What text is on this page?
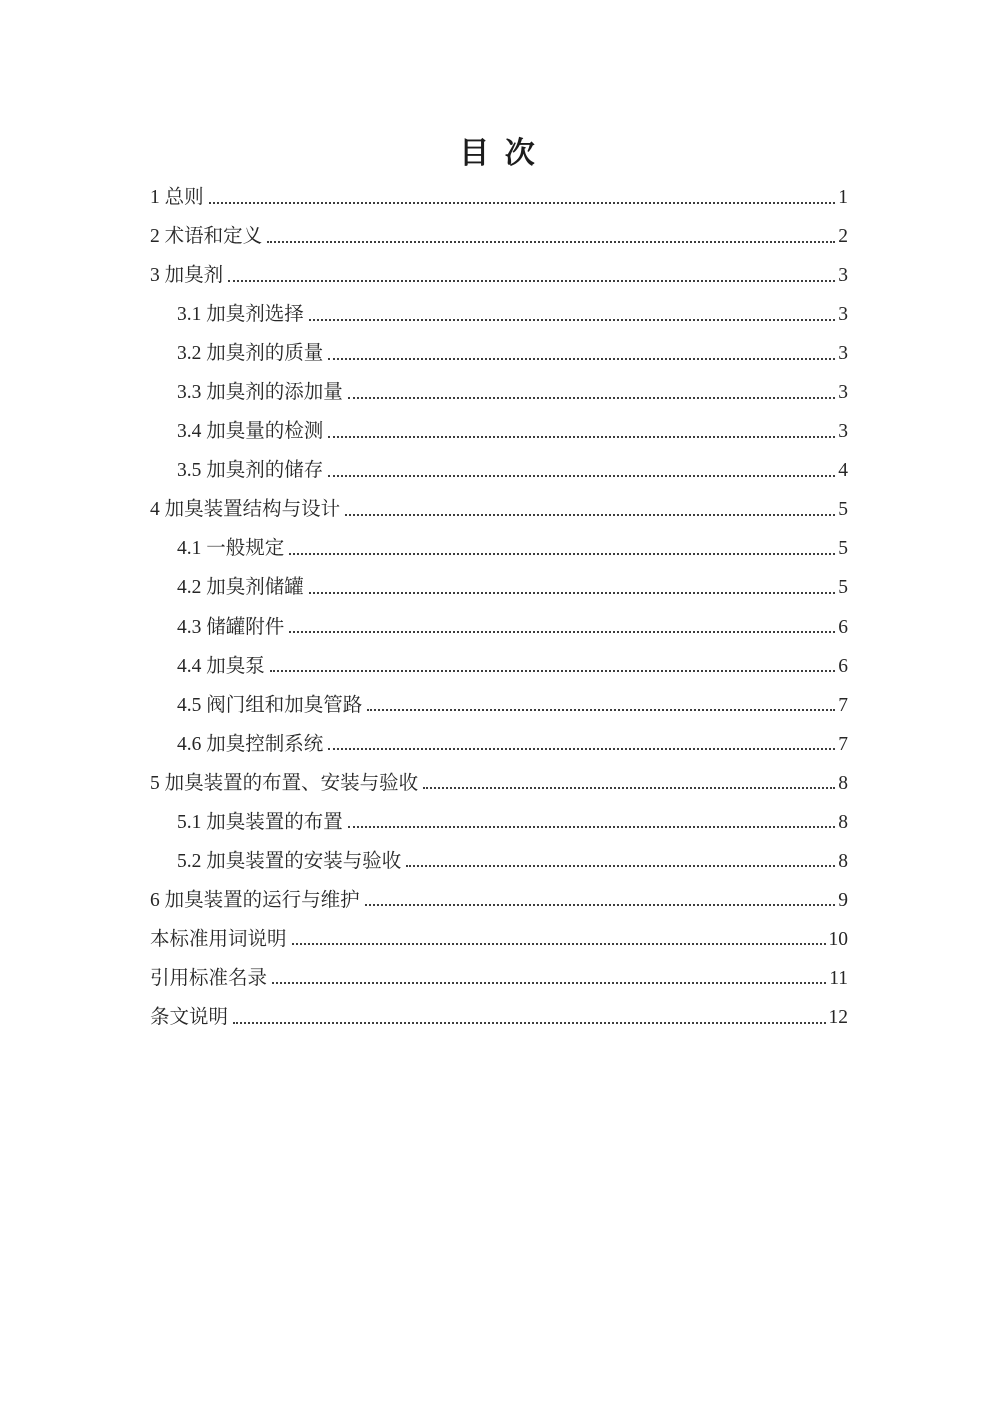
目 次
1 总则	1
2 术语和定义	2
3 加臭剂	3
3.1 加臭剂选择	3
3.2 加臭剂的质量	3
3.3 加臭剂的添加量	3
3.4 加臭量的检测	3
3.5 加臭剂的储存	4
4 加臭装置结构与设计	5
4.1 一般规定	5
4.2 加臭剂储罐	5
4.3 储罐附件	6
4.4 加臭泵	6
4.5 阀门组和加臭管路	7
4.6 加臭控制系统	7
5 加臭装置的布置、安装与验收	8
5.1 加臭装置的布置	8
5.2 加臭装置的安装与验收	8
6 加臭装置的运行与维护	9
本标准用词说明	10
引用标准名录	11
条文说明	12
